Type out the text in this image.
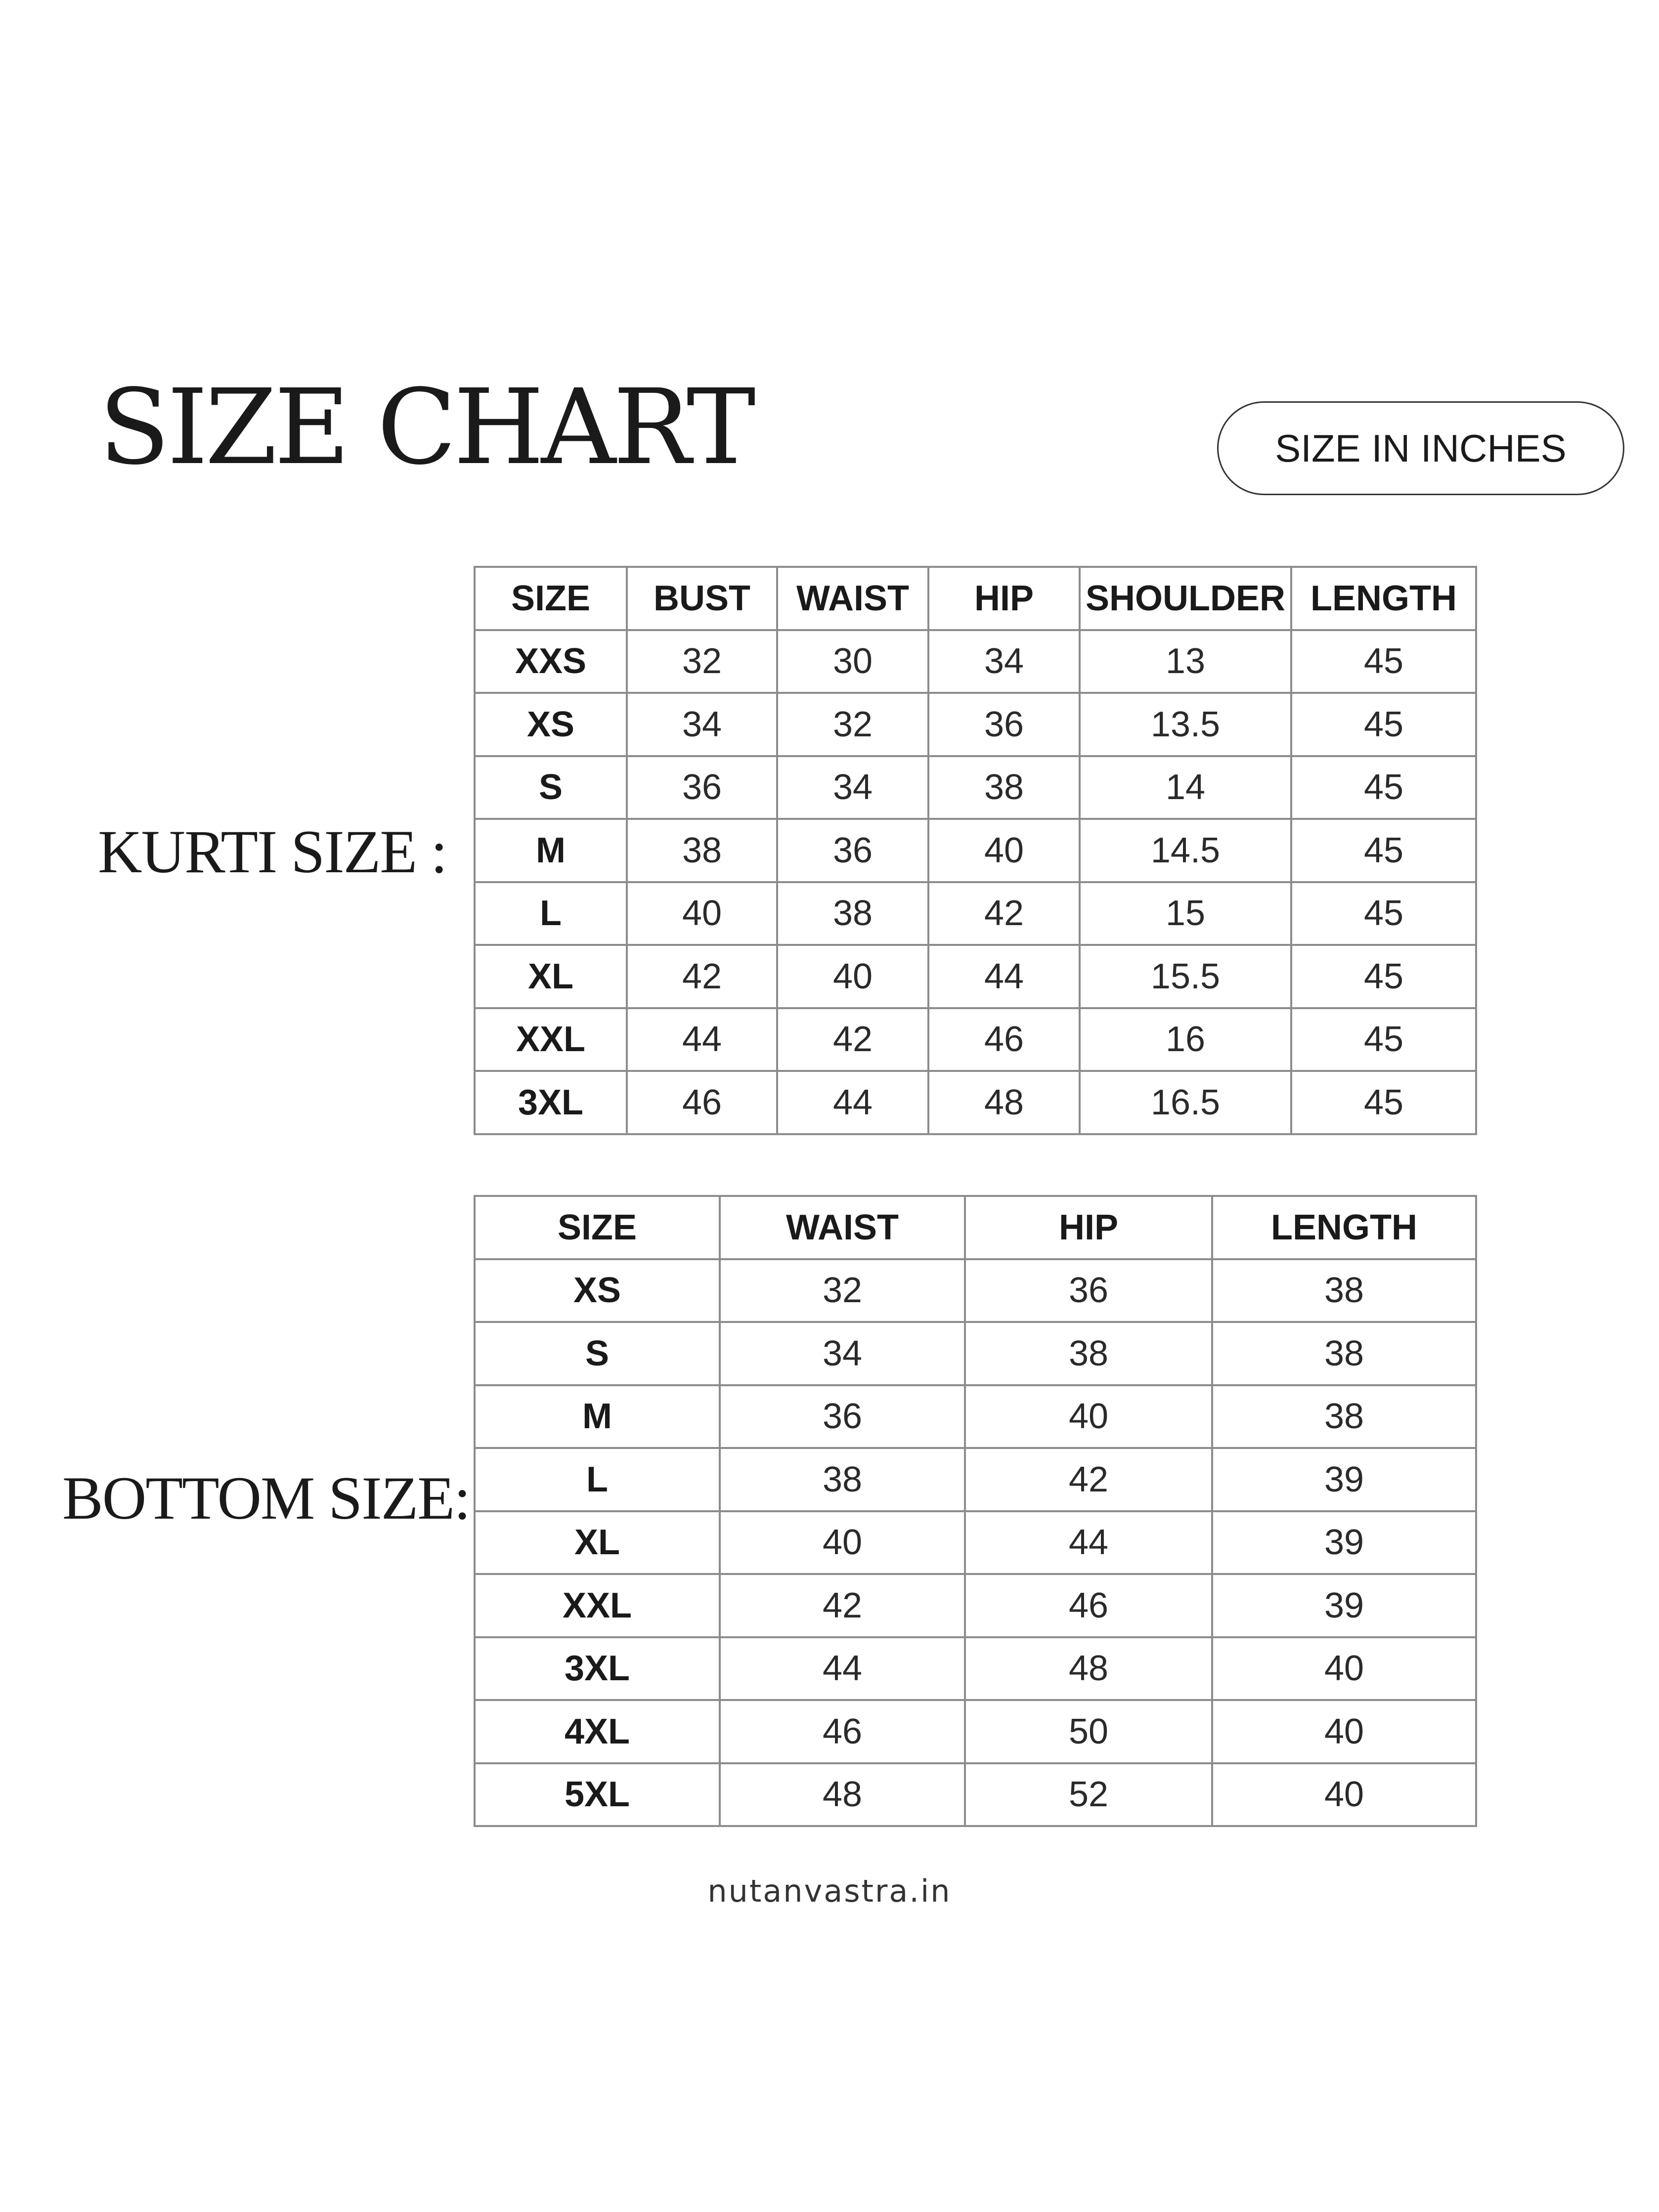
SIZE CHART	SIZE IN INCHES
KURTI SIZE :
SIZE	BUST	WAIST	HIP	SHOULDER	LENGTH
XXS	32	30	34	13	45
XS	34	32	36	13.5	45
S	36	34	38	14	45
M	38	36	40	14.5	45
L	40	38	42	15	45
XL	42	40	44	15.5	45
XXL	44	42	46	16	45
3XL	46	44	48	16.5	45
BOTTOM SIZE:
SIZE	WAIST	HIP	LENGTH
XS	32	36	38
S	34	38	38
M	36	40	38
L	38	42	39
XL	40	44	39
XXL	42	46	39
3XL	44	48	40
4XL	46	50	40
5XL	48	52	40
nutanvastra.in
